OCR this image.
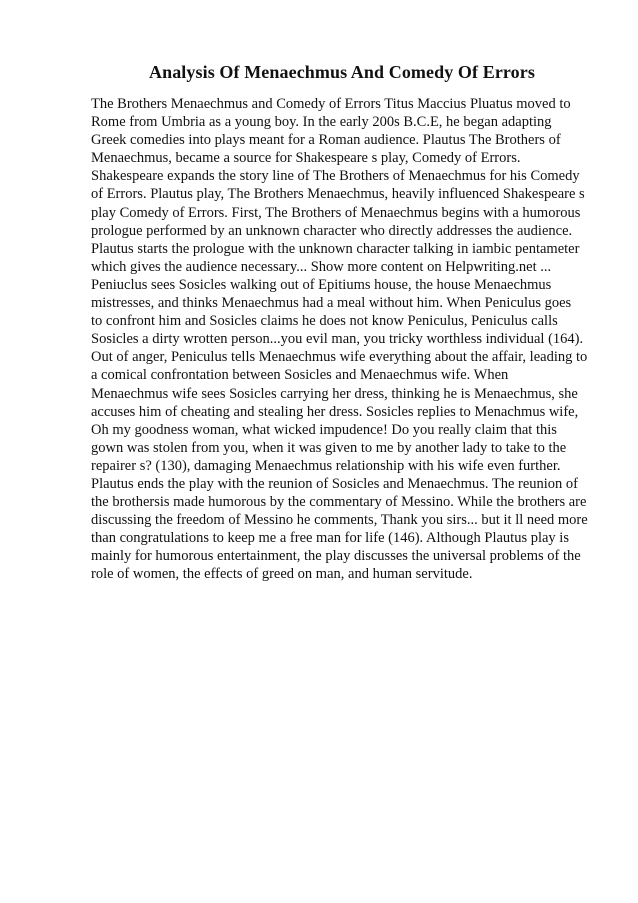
Analysis Of Menaechmus And Comedy Of Errors
The Brothers Menaechmus and Comedy of Errors Titus Maccius Pluatus moved to
Rome from Umbria as a young boy. In the early 200s B.C.E, he began adapting
Greek comedies into plays meant for a Roman audience. Plautus The Brothers of
Menaechmus, became a source for Shakespeare s play, Comedy of Errors.
Shakespeare expands the story line of The Brothers of Menaechmus for his Comedy
of Errors. Plautus play, The Brothers Menaechmus, heavily influenced Shakespeare s
play Comedy of Errors. First, The Brothers of Menaechmus begins with a humorous
prologue performed by an unknown character who directly addresses the audience.
Plautus starts the prologue with the unknown character talking in iambic pentameter
which gives the audience necessary... Show more content on Helpwriting.net ...
Peniuclus sees Sosicles walking out of Epitiums house, the house Menaechmus
mistresses, and thinks Menaechmus had a meal without him. When Peniculus goes
to confront him and Sosicles claims he does not know Peniculus, Peniculus calls
Sosicles a dirty wrotten person...you evil man, you tricky worthless individual (164).
Out of anger, Peniculus tells Menaechmus wife everything about the affair, leading to
a comical confrontation between Sosicles and Menaechmus wife. When
Menaechmus wife sees Sosicles carrying her dress, thinking he is Menaechmus, she
accuses him of cheating and stealing her dress. Sosicles replies to Menachmus wife,
Oh my goodness woman, what wicked impudence! Do you really claim that this
gown was stolen from you, when it was given to me by another lady to take to the
repairer s? (130), damaging Menaechmus relationship with his wife even further.
Plautus ends the play with the reunion of Sosicles and Menaechmus. The reunion of
the brothersis made humorous by the commentary of Messino. While the brothers are
discussing the freedom of Messino he comments, Thank you sirs... but it ll need more
than congratulations to keep me a free man for life (146). Although Plautus play is
mainly for humorous entertainment, the play discusses the universal problems of the
role of women, the effects of greed on man, and human servitude.
